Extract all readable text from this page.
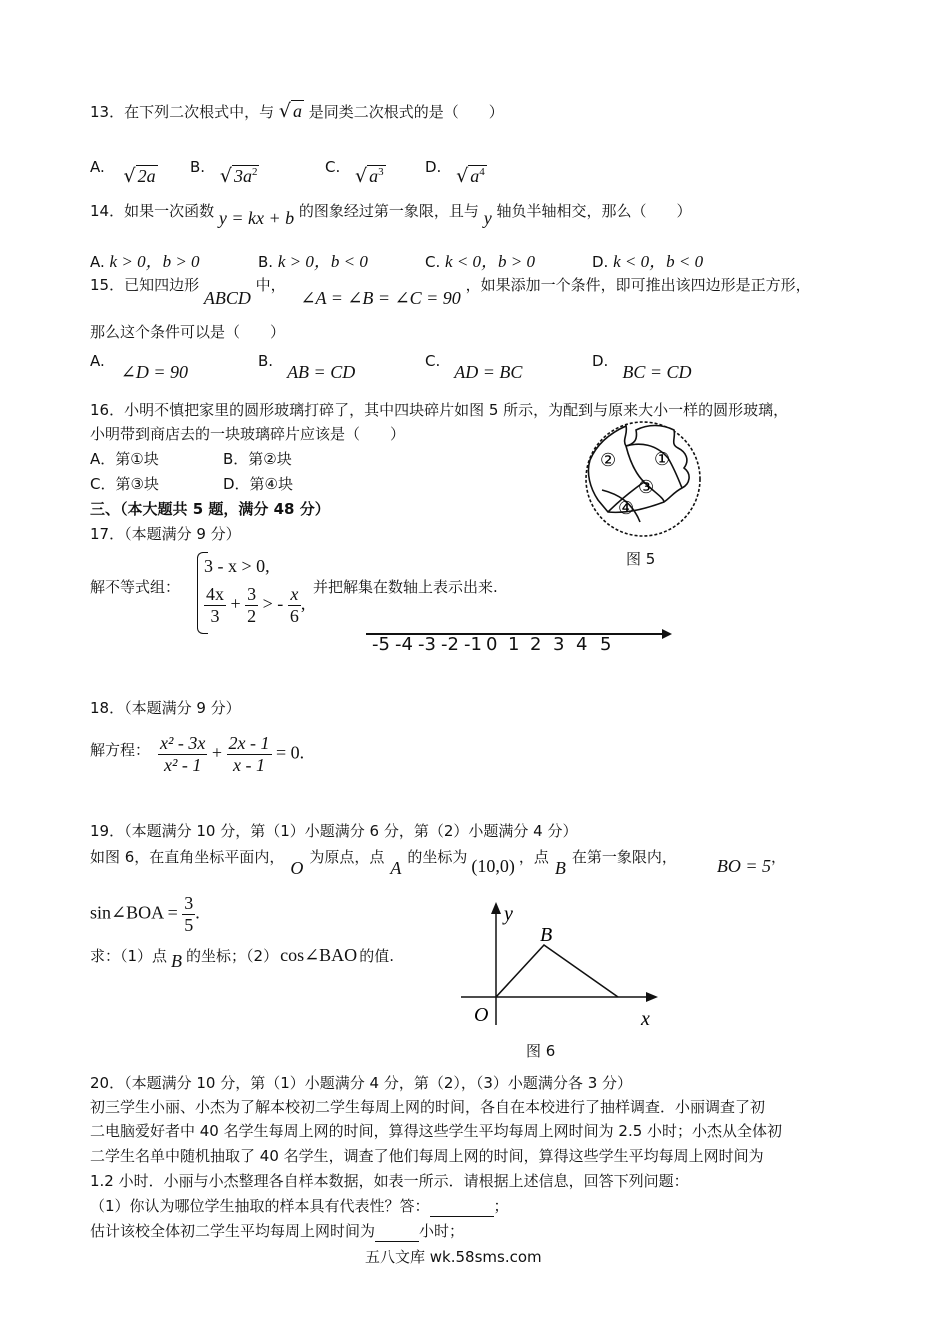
13．在下列二次根式中，与 √ a 是同类二次根式的是（　　）
A. √ 2a B. √ $3a^2$	C. √ $a^3$	D. √ $a^4$
14．如果一次函数 y = kx + b 的图象经过第一象限，且与 y 轴负半轴相交，那么（　　）
A. k > 0，b > 0	B. k > 0，b < 0	C. k < 0，b > 0	D. k < 0，b < 0
15．已知四边形 ABCD 中， ∠A = ∠B = ∠C = 90 ，如果添加一个条件，即可推出该四边形是正方形，
那么这个条件可以是（　　）
A.∠D = 90
B.AB = CD
C.AD = BC
D.BC = CD
16．小明不慎把家里的圆形玻璃打碎了，其中四块碎片如图 5 所示，为配到与原来大小一样的圆形玻璃，
小明带到商店去的一块玻璃碎片应该是（　　）
A．第①块	B．第②块
C．第③块	D．第④块
①
②
③
④
图 5
三、（本大题共 5 题，满分 48 分）
17．（本题满分 9 分）
解不等式组：
3 - x > 0,
$\frac{4x}{3} + \frac{3}{2}$ > - $\frac{x}{6}$ ,
并把解集在数轴上表示出来.
-5 -4 -3 -2 -1 0 1 2 3 4 5
18．（本题满分 9 分）
解方程： $\frac{\text{x² - 3x}}{\text{x² - 1}} + \frac{2x - 1}{x - 1} = 0$.
19．（本题满分 10 分，第（1）小题满分 6 分，第（2）小题满分 4 分）
如图 6，在直角坐标平面内，O为原点，点A的坐标为 (10,0) ，点B在第一象限内， BO = 5，
sin∠BOA = $\frac{3}{5}$ .
求：（1）点 B 的坐标；（2） cos∠BAO 的值.
y
x
O
B
图 6
20．（本题满分 10 分，第（1）小题满分 4 分，第（2），（3）小题满分各 3 分）
初三学生小丽、小杰为了解本校初二学生每周上网的时间，各自在本校进行了抽样调查．小丽调查了初
二电脑爱好者中 40 名学生每周上网的时间，算得这些学生平均每周上网时间为 2.5 小时；小杰从全体初
二学生名单中随机抽取了 40 名学生，调查了他们每周上网的时间，算得这些学生平均每周上网时间为
1.2 小时．小丽与小杰整理各自样本数据，如表一所示．请根据上述信息，回答下列问题：
（1）你认为哪位学生抽取的样本具有代表性？答：	；
估计该校全体初二学生平均每周上网时间为	小时；
五八文库 wk.58sms.com
